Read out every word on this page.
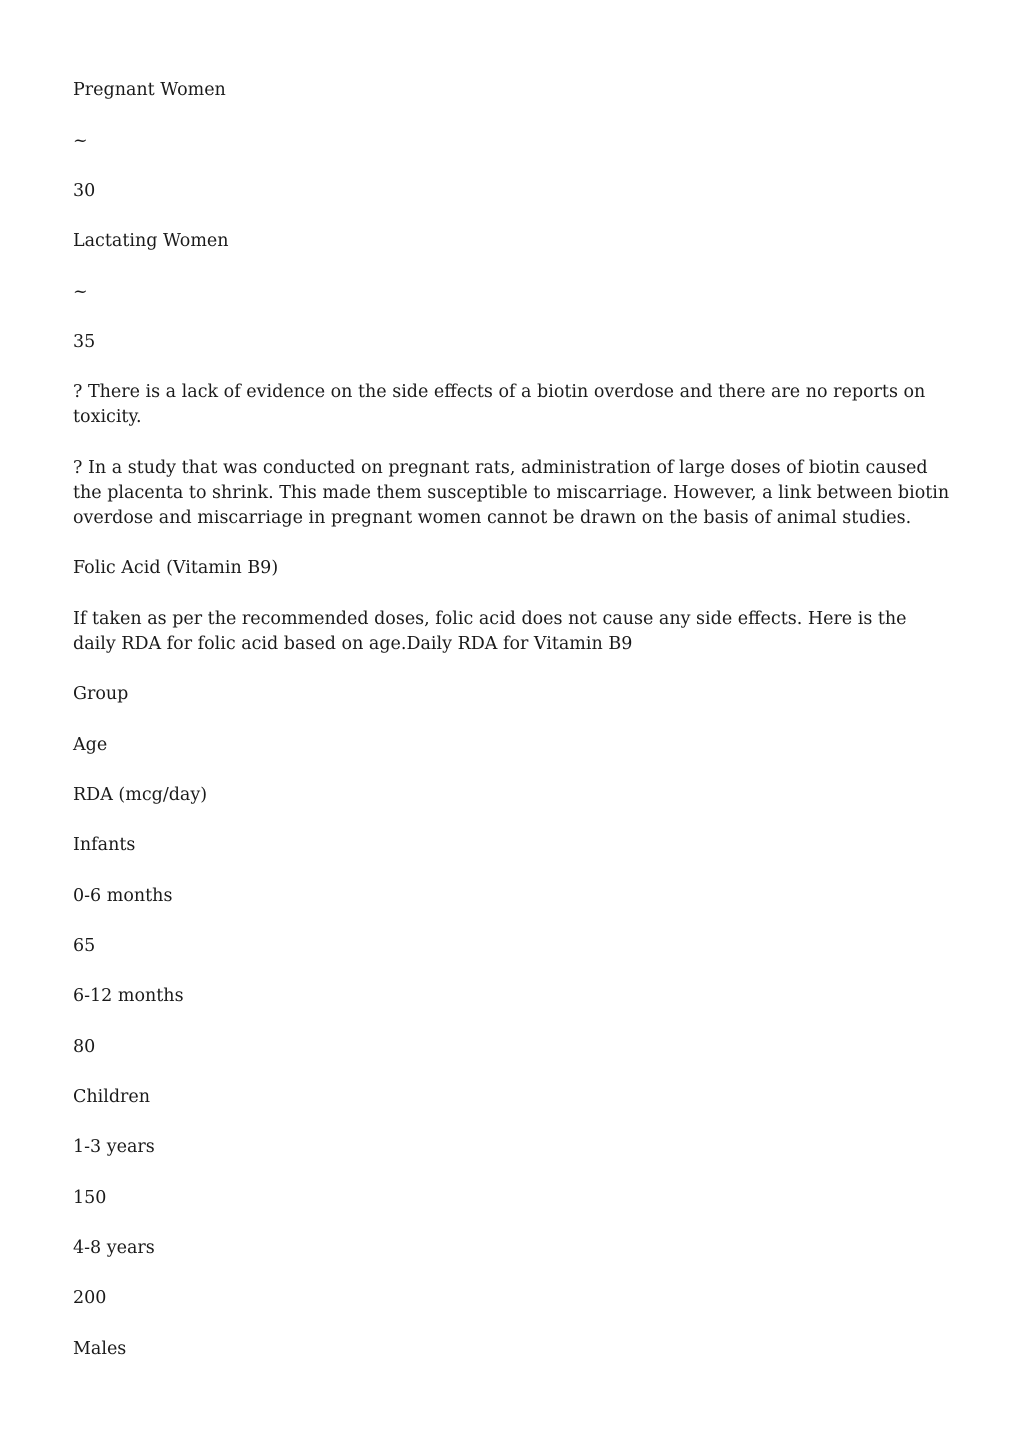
Pregnant Women

~

30

Lactating Women

~

35

? There is a lack of evidence on the side effects of a biotin overdose and there are no reports on toxicity.

? In a study that was conducted on pregnant rats, administration of large doses of biotin caused the placenta to shrink. This made them susceptible to miscarriage. However, a link between biotin overdose and miscarriage in pregnant women cannot be drawn on the basis of animal studies.

Folic Acid (Vitamin B9)

If taken as per the recommended doses, folic acid does not cause any side effects. Here is the daily RDA for folic acid based on age.Daily RDA for Vitamin B9

Group

Age

RDA (mcg/day)

Infants

0-6 months

65

6-12 months

80

Children

1-3 years

150

4-8 years

200

Males
